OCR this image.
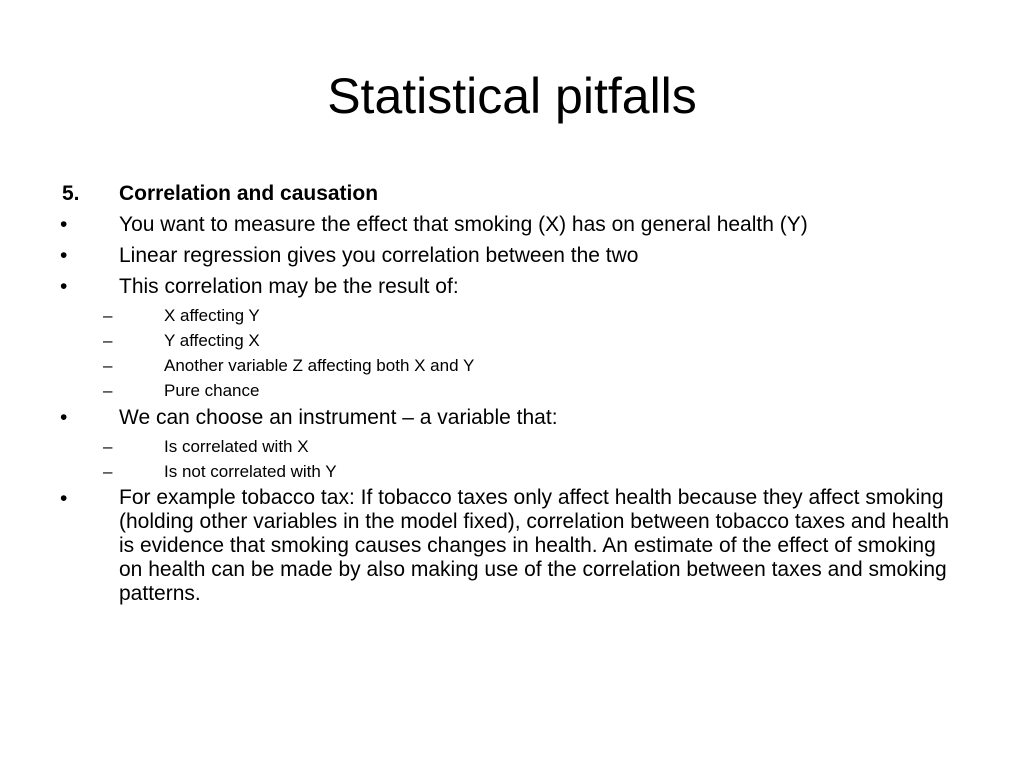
Statistical pitfalls
5. Correlation and causation

• You want to measure the effect that smoking (X) has on general health (Y)

• Linear regression gives you correlation between the two

• This correlation may be the result of:

–	X affecting Y

–	Y affecting X

–	Another variable Z affecting both X and Y

–	Pure chance

• We can choose an instrument – a variable that:

–	Is correlated with X

–	Is not correlated with Y

• For example tobacco tax: If tobacco taxes only affect health because they affect smoking (holding other variables in the model fixed), correlation between tobacco taxes and health is evidence that smoking causes changes in health. An estimate of the effect of smoking on health can be made by also making use of the correlation between taxes and smoking patterns.
